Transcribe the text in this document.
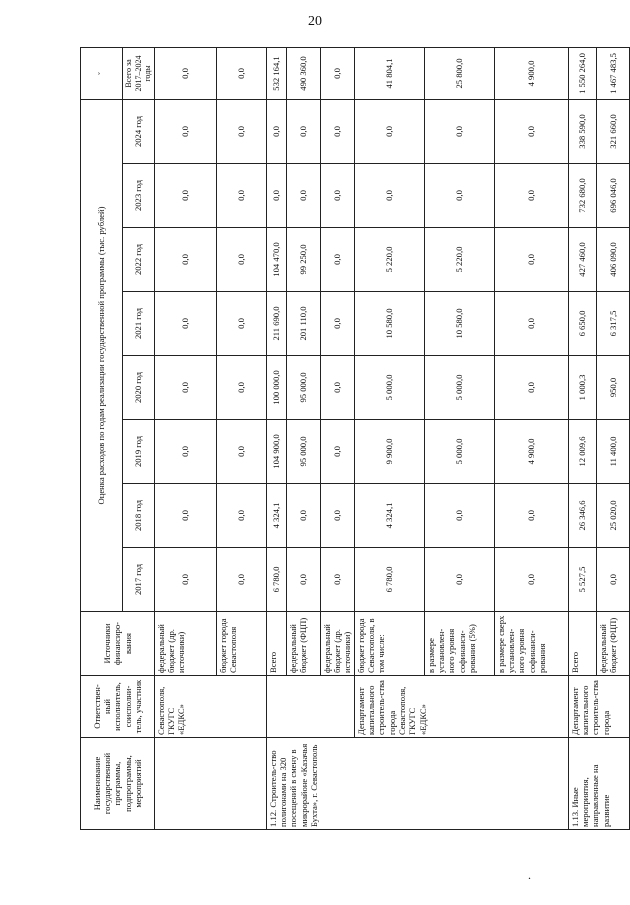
20
Наименование государственной программы, подпрограммы, мероприятий	Ответствен-ный исполнитель, соисполни-тель, участник	Источники финансиро-вания	Оценка расходов по годам реализации государственной программы (тыс. рублей)								ˇ
			2017 год	2018 год	2019 год	2020 год	2021 год	2022 год	2023 год	2024 год	Всего за 2017–2024 годы
	Севастополя, ГКУГС «ЕДКС»	федеральный бюджет (др. источники)	0,0	0,0	0,0	0,0	0,0	0,0	0,0	0,0	0,0
		бюджет города Севастополя	0,0	0,0	0,0	0,0	0,0	0,0	0,0	0,0	0,0
1.12. Строитель-ство полигонами на 320 посещений в смену в микрорайоне «Казачья Бухта», г. Севастополь		Всего	6 780,0	4 324,1	104 900,0	100 000,0	211 690,0	104 470,0	0,0	0,0	532 164,1
		федеральный бюджет (ФЦП)	0,0	0,0	95 000,0	95 000,0	201 110,0	99 250,0	0,0	0,0	490 360,0
		федеральный бюджет (др. источники)	0,0	0,0	0,0	0,0	0,0	0,0	0,0	0,0	0,0
	Департамент капитального строитель-ства города Севастополя, ГКУГС «ЕДКС»	бюджет города Севастополя, в том числе:	6 780,0	4 324,1	9 900,0	5 000,0	10 580,0	5 220,0	0,0	0,0	41 804,1
		в размере установлен-ного уровня софинанси-рования (5%)	0,0	0,0	5 000,0	5 000,0	10 580,0	5 220,0	0,0	0,0	25 800,0
		в размере сверх установлен-ного уровня софинанси-рования	0,0	0,0	4 900,0	0,0	0,0	0,0	0,0	0,0	4 900,0
1.13. Иные мероприятия, направленные на развитие	Департамент капитального строитель-ства города	Всего	5 527,5	26 346,6	12 009,6	1 000,3	6 650,0	427 460,0	732 680,0	338 590,0	1 550 264,0
		федеральный бюджет (ФЦП)	0,0	25 020,0	11 400,0	950,0	6 317,5	406 090,0	696 046,0	321 660,0	1 467 483,5
.
